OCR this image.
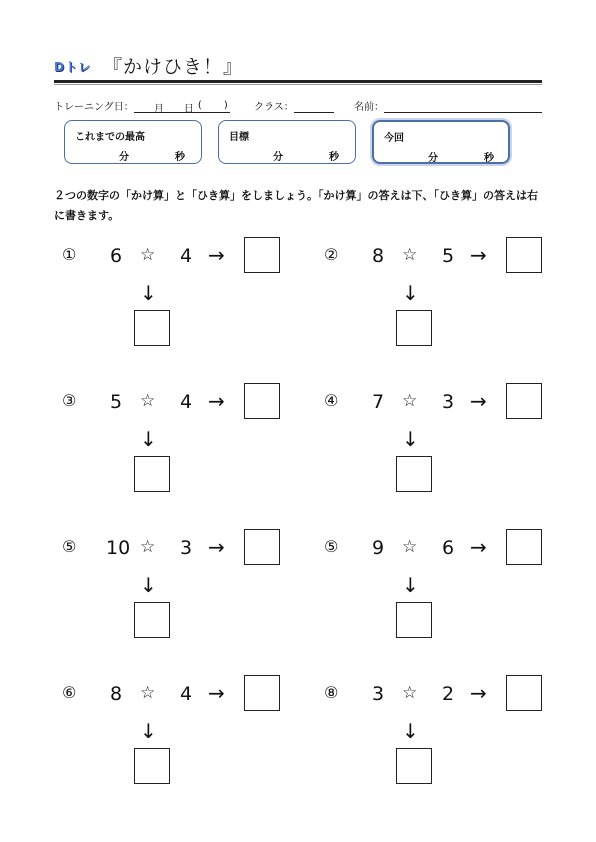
Dトレ 『かけひき！』
トレーニング日： 月 日 ( )	クラス：	名前：
これまでの最高
分	秒
目標
分	秒
今回
分	秒
２つの数字の「かけ算」と「ひき算」をしましょう。「かけ算」の答えは下、「ひき算」の答えは右に書きます。
① 6 ☆ 4 →
↓
② 8 ☆ 5 →
↓
③ 5 ☆ 4 →
↓
④ 7 ☆ 3 →
↓
⑤ 10 ☆ 3 →
↓
⑤ 9 ☆ 6 →
↓
⑥ 8 ☆ 4 →
↓
⑧ 3 ☆ 2 →
↓
